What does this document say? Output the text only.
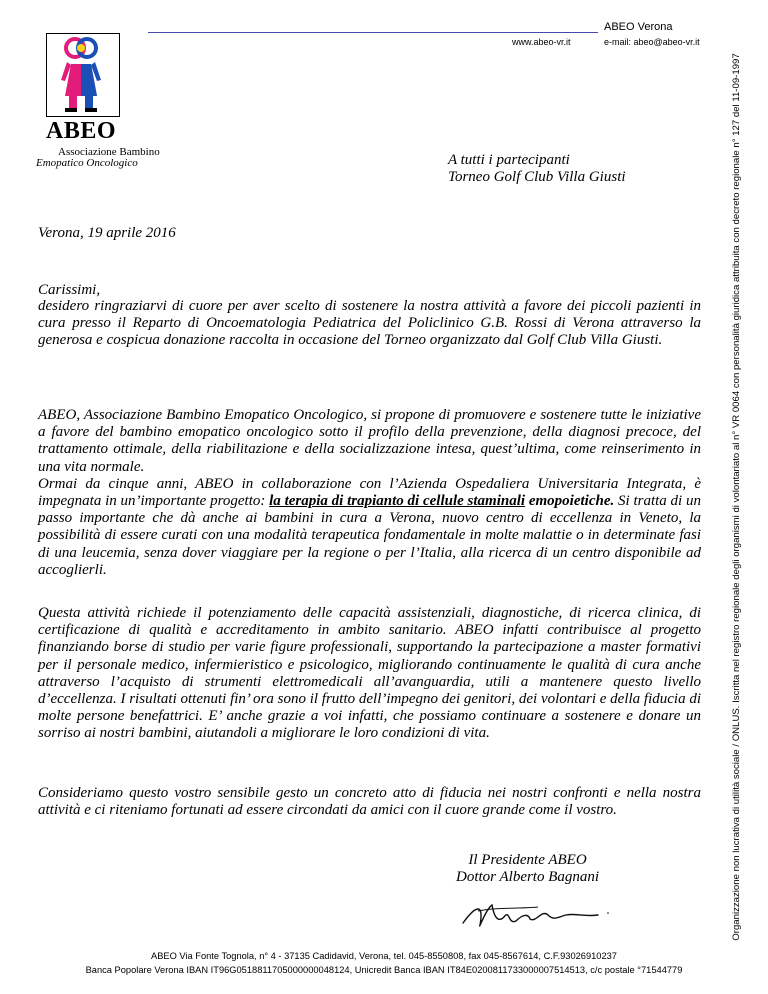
ABEO Verona
www.abeo-vr.it	e-mail: abeo@abeo-vr.it
ABEO
Associazione Bambino
Emopatico Oncologico	Organizzazione non lucrativa di utilità sociale / ONLUS. Iscritta nel registro regionale degli organismi di volontariato al n° VR 0064 con personalità giuridica attribuita con decreto regionale n° 127 del 11-09-1997
A tutti i partecipanti
Torneo Golf Club Villa Giusti
Verona, 19 aprile 2016
Carissimi,
desidero ringraziarvi di cuore per aver scelto di sostenere la nostra attività a favore dei piccoli pazienti in cura presso il Reparto di Oncoematologia Pediatrica del Policlinico G.B. Rossi di Verona attraverso la generosa e cospicua donazione raccolta in occasione del Torneo organizzato dal Golf Club Villa Giusti.
ABEO, Associazione Bambino Emopatico Oncologico, si propone di promuovere e sostenere tutte le iniziative a favore del bambino emopatico oncologico sotto il profilo della prevenzione, della diagnosi precoce, del trattamento ottimale, della riabilitazione e della socializzazione intesa, quest’ultima, come reinserimento in una vita normale.
Ormai da cinque anni, ABEO in collaborazione con l’Azienda Ospedaliera Universitaria Integrata, è impegnata in un’importante progetto: la terapia di trapianto di cellule staminali emopoietiche. Si tratta di un passo importante che dà anche ai bambini in cura a Verona, nuovo centro di eccellenza in Veneto, la possibilità di essere curati con una modalità terapeutica fondamentale in molte malattie o in determinate fasi di una leucemia, senza dover viaggiare per la regione o per l’Italia, alla ricerca di un centro disponibile ad accoglierli.
Questa attività richiede il potenziamento delle capacità assistenziali, diagnostiche, di ricerca clinica, di certificazione di qualità e accreditamento in ambito sanitario. ABEO infatti contribuisce al progetto finanziando borse di studio per varie figure professionali, supportando la partecipazione a master formativi per il personale medico, infermieristico e psicologico, migliorando continuamente le qualità di cura anche attraverso l’acquisto di strumenti elettromedicali all’avanguardia, utili a mantenere questo livello d’eccellenza. I risultati ottenuti fin’ ora sono il frutto dell’impegno dei genitori, dei volontari e della fiducia di molte persone benefattrici. E’ anche grazie a voi infatti, che possiamo continuare a sostenere e donare un sorriso ai nostri bambini, aiutandoli a migliorare le loro condizioni di vita.
Consideriamo questo vostro sensibile gesto un concreto atto di fiducia nei nostri confronti e nella nostra attività e ci riteniamo fortunati ad essere circondati da amici con il cuore grande come il vostro.
Il Presidente ABEO
Dottor Alberto Bagnani
ABEO Via Fonte Tognola, n° 4 - 37135 Cadidavid, Verona, tel. 045-8550808, fax 045-8567614, C.F.93026910237
Banca Popolare Verona IBAN IT96G0518811705000000048124, Unicredit Banca IBAN IT84E0200811733000007514513, c/c postale °71544779
